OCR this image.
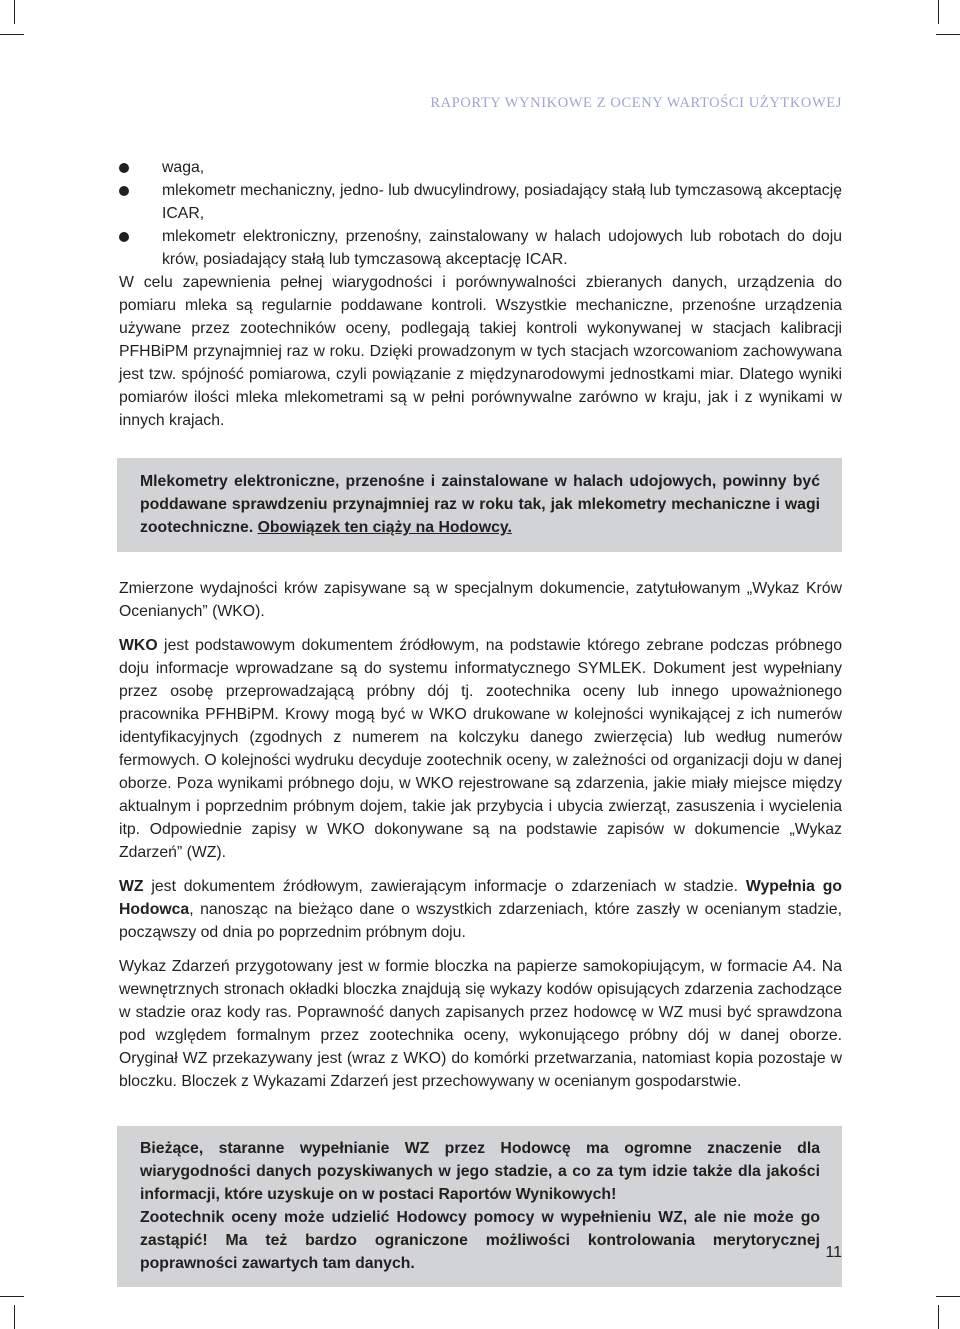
RAPORTY WYNIKOWE Z OCENY WARTOŚCI UŻYTKOWEJ
waga,
mlekometr mechaniczny, jedno- lub dwucylindrowy, posiadający stałą lub tymczasową akceptację ICAR,
mlekometr elektroniczny, przenośny, zainstalowany w halach udojowych lub robotach do doju krów, posiadający stałą lub tymczasową akceptację ICAR.

W celu zapewnienia pełnej wiarygodności i porównywalności zbieranych danych, urządzenia do pomiaru mleka są regularnie poddawane kontroli. Wszystkie mechaniczne, przenośne urządzenia używane przez zootechników oceny, podlegają takiej kontroli wykonywanej w stacjach kalibracji PFHBiPM przynajmniej raz w roku. Dzięki prowadzonym w tych stacjach wzorcowaniom zachowywana jest tzw. spójność pomiarowa, czyli powiązanie z międzynarodowymi jednostkami miar. Dlatego wyniki pomiarów ilości mleka mlekometrami są w pełni porównywalne zarówno w kraju, jak i z wynikami w innych krajach.

Mlekometry elektroniczne, przenośne i zainstalowane w halach udojowych, powinny być poddawane sprawdzeniu przynajmniej raz w roku tak, jak mlekometry mechaniczne i wagi zootechniczne. Obowiązek ten ciąży na Hodowcy.

Zmierzone wydajności krów zapisywane są w specjalnym dokumencie, zatytułowanym „Wykaz Krów Ocenianych” (WKO).

WKO jest podstawowym dokumentem źródłowym, na podstawie którego zebrane podczas próbnego doju informacje wprowadzane są do systemu informatycznego SYMLEK. Dokument jest wypełniany przez osobę przeprowadzającą próbny dój tj. zootechnika oceny lub innego upoważnionego pracownika PFHBiPM. Krowy mogą być w WKO drukowane w kolejności wynikającej z ich numerów identyfikacyjnych (zgodnych z numerem na kolczyku danego zwierzęcia) lub według numerów fermowych. O kolejności wydruku decyduje zootechnik oceny, w zależności od organizacji doju w danej oborze. Poza wynikami próbnego doju, w WKO rejestrowane są zdarzenia, jakie miały miejsce między aktualnym i poprzednim próbnym dojem, takie jak przybycia i ubycia zwierząt, zasuszenia i wycielenia itp. Odpowiednie zapisy w WKO dokonywane są na podstawie zapisów w dokumencie „Wykaz Zdarzeń” (WZ).

WZ jest dokumentem źródłowym, zawierającym informacje o zdarzeniach w stadzie. Wypełnia go Hodowca, nanosząc na bieżąco dane o wszystkich zdarzeniach, które zaszły w ocenianym stadzie, począwszy od dnia po poprzednim próbnym doju.

Wykaz Zdarzeń przygotowany jest w formie bloczka na papierze samokopiującym, w formacie A4. Na wewnętrznych stronach okładki bloczka znajdują się wykazy kodów opisujących zdarzenia zachodzące w stadzie oraz kody ras. Poprawność danych zapisanych przez hodowcę w WZ musi być sprawdzona pod względem formalnym przez zootechnika oceny, wykonującego próbny dój w danej oborze. Oryginał WZ przekazywany jest (wraz z WKO) do komórki przetwarzania, natomiast kopia pozostaje w bloczku. Bloczek z Wykazami Zdarzeń jest przechowywany w ocenianym gospodarstwie.

Bieżące, staranne wypełnianie WZ przez Hodowcę ma ogromne znaczenie dla wiarygodności danych pozyskiwanych w jego stadzie, a co za tym idzie także dla jakości informacji, które uzyskuje on w postaci Raportów Wynikowych!

Zootechnik oceny może udzielić Hodowcy pomocy w wypełnieniu WZ, ale nie może go zastąpić! Ma też bardzo ograniczone możliwości kontrolowania merytorycznej poprawności zawartych tam danych.

11
